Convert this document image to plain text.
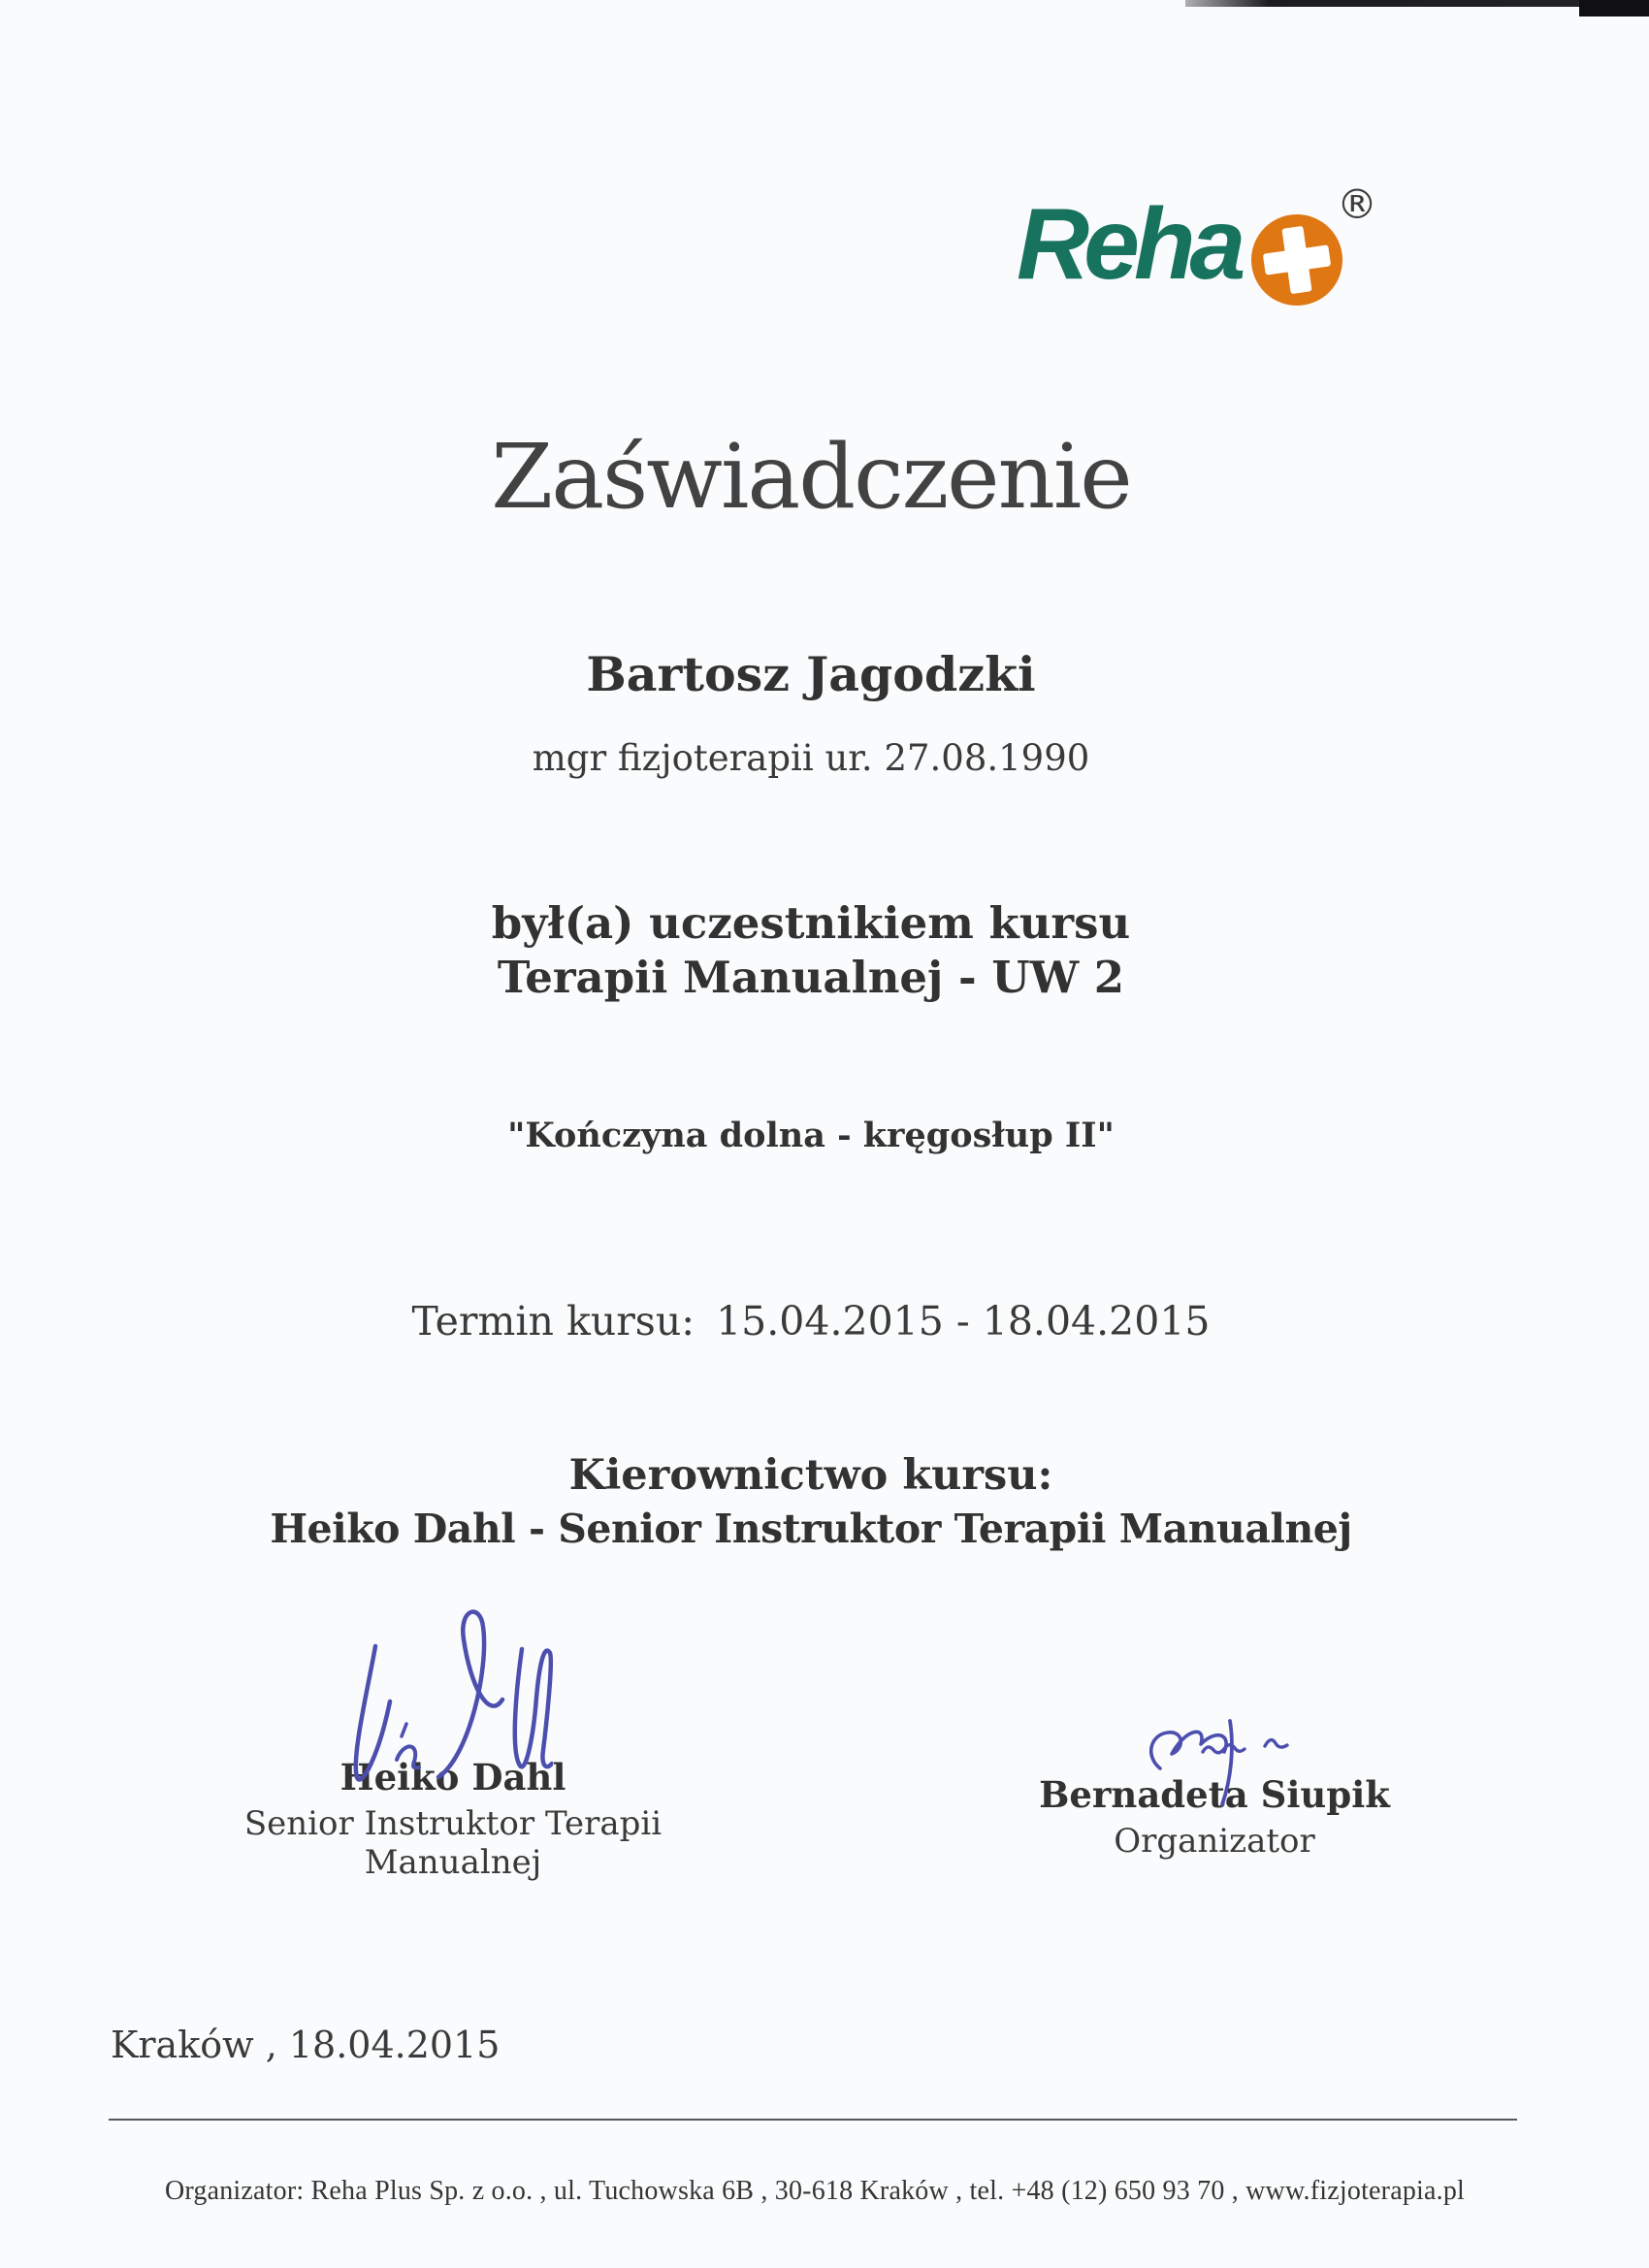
Reha ®
Zaświadczenie
Bartosz Jagodzki
mgr fizjoterapii ur. 27.08.1990
był(a) uczestnikiem kursu
Terapii Manualnej - UW 2
"Kończyna dolna - kręgosłup II"
Termin kursu: 15.04.2015 - 18.04.2015
Kierownictwo kursu:
Heiko Dahl - Senior Instruktor Terapii Manualnej
Heiko Dahl
Senior Instruktor Terapii Manualnej
Bernadeta Siupik
Organizator
Kraków , 18.04.2015
Organizator: Reha Plus Sp. z o.o. , ul. Tuchowska 6B , 30-618 Kraków , tel. +48 (12) 650 93 70 , www.fizjoterapia.pl
